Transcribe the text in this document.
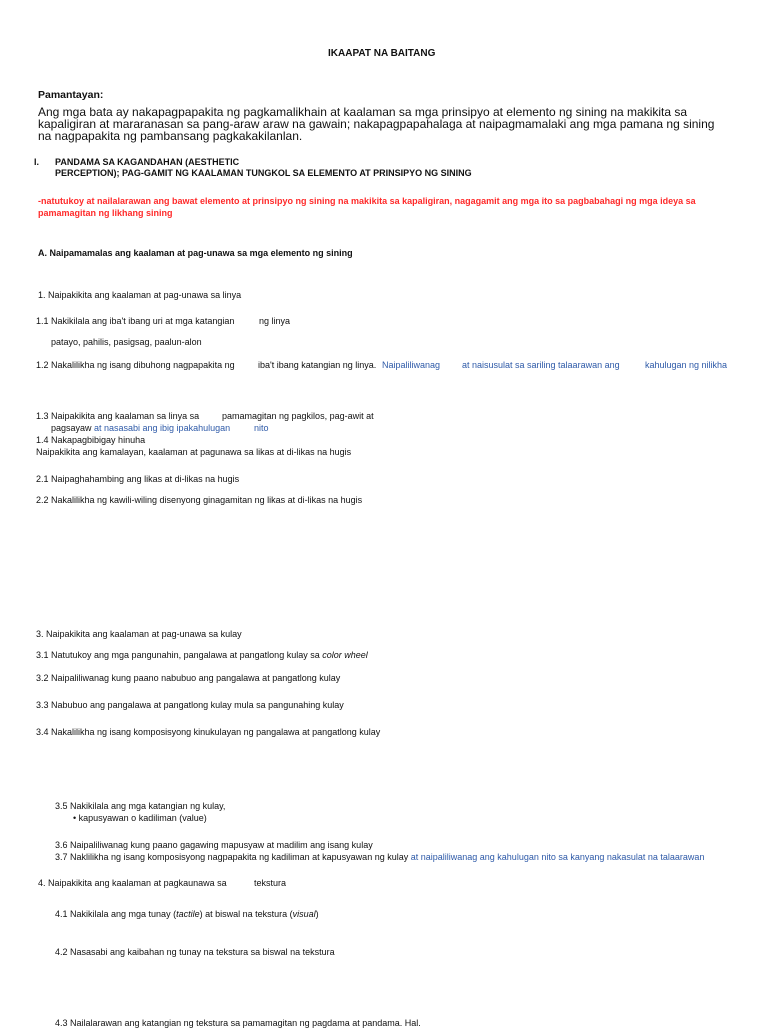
IKAAPAT NA BAITANG
Pamantayan:
Ang mga bata ay nakapagpapakita ng pagkamalikhain at kaalaman sa mga prinsipyo at elemento ng sining na makikita sa kapaligiran at mararanasan sa pang-araw araw na gawain; nakapagpapahalaga at naipagmamalaki ang mga pamana ng sining na nagpapakita ng pambansang pagkakakilanlan.
I. PANDAMA SA KAGANDAHAN (AESTHETIC
PERCEPTION); PAG-GAMIT NG KAALAMAN TUNGKOL SA ELEMENTO AT PRINSIPYO NG SINING
-natutukoy at nailalarawan ang bawat elemento at prinsipyo ng sining na makikita sa kapaligiran, nagagamit ang mga ito sa pagbabahagi ng mga ideya sa
pamamagitan ng likhang sining
A. Naipamamalas ang kaalaman at pag-unawa sa mga elemento ng sining
1. Naipakikita ang kaalaman at pag-unawa sa linya
1.1 Nakikilala ang iba't ibang uri at mga katangian	ng linya
patayo, pahilis, pasigsag, paalun-alon
1.2 Nakalilikha ng isang dibuhong nagpapakita ng	iba't ibang katangian ng linya. Naipaliliwanag at naisusulat sa sariling talaarawan ang	kahulugan ng nilikha
1.3 Naipakikita ang kaalaman sa linya sa	pamamagitan ng pagkilos, pag-awit at
pagsayaw at nasasabi ang ibig ipakahulugan	nito
1.4 Nakapagbibigay hinuha
Naipakikita ang kamalayan, kaalaman at pagunawa sa likas at di-likas na hugis
2.1 Naipaghahambing ang likas at di-likas na hugis
2.2 Nakalilikha ng kawili-wiling disenyong ginagamitan ng likas at di-likas na hugis
3. Naipakikita ang kaalaman at pag-unawa sa kulay
3.1 Natutukoy ang mga pangunahin, pangalawa at pangatlong kulay sa color wheel
3.2 Naipaliliwanag kung paano nabubuo ang pangalawa at pangatlong kulay
3.3 Nabubuo ang pangalawa at pangatlong kulay mula sa pangunahing kulay
3.4 Nakalilikha ng isang komposisyong kinukulayan ng pangalawa at pangatlong kulay
3.5 Nakikilala ang mga katangian ng kulay,
• kapusyawan o kadiliman (value)
3.6 Naipaliliwanag kung paano gagawing mapusyaw at madilim ang isang kulay
3.7 Naklilikha ng isang komposisyong nagpapakita ng kadiliman at kapusyawan ng kulay at naipaliliwanag ang kahulugan nito sa kanyang nakasulat na talaarawan
4. Naipakikita ang kaalaman at pagkaunawa sa	tekstura
4.1 Nakikilala ang mga tunay (tactile) at biswal na tekstura (visual)
4.2 Nasasabi ang kaibahan ng tunay na tekstura sa biswal na tekstura
4.3 Nailalarawan ang katangian ng tekstura sa pamamagitan ng pagdama at pandama. Hal.
